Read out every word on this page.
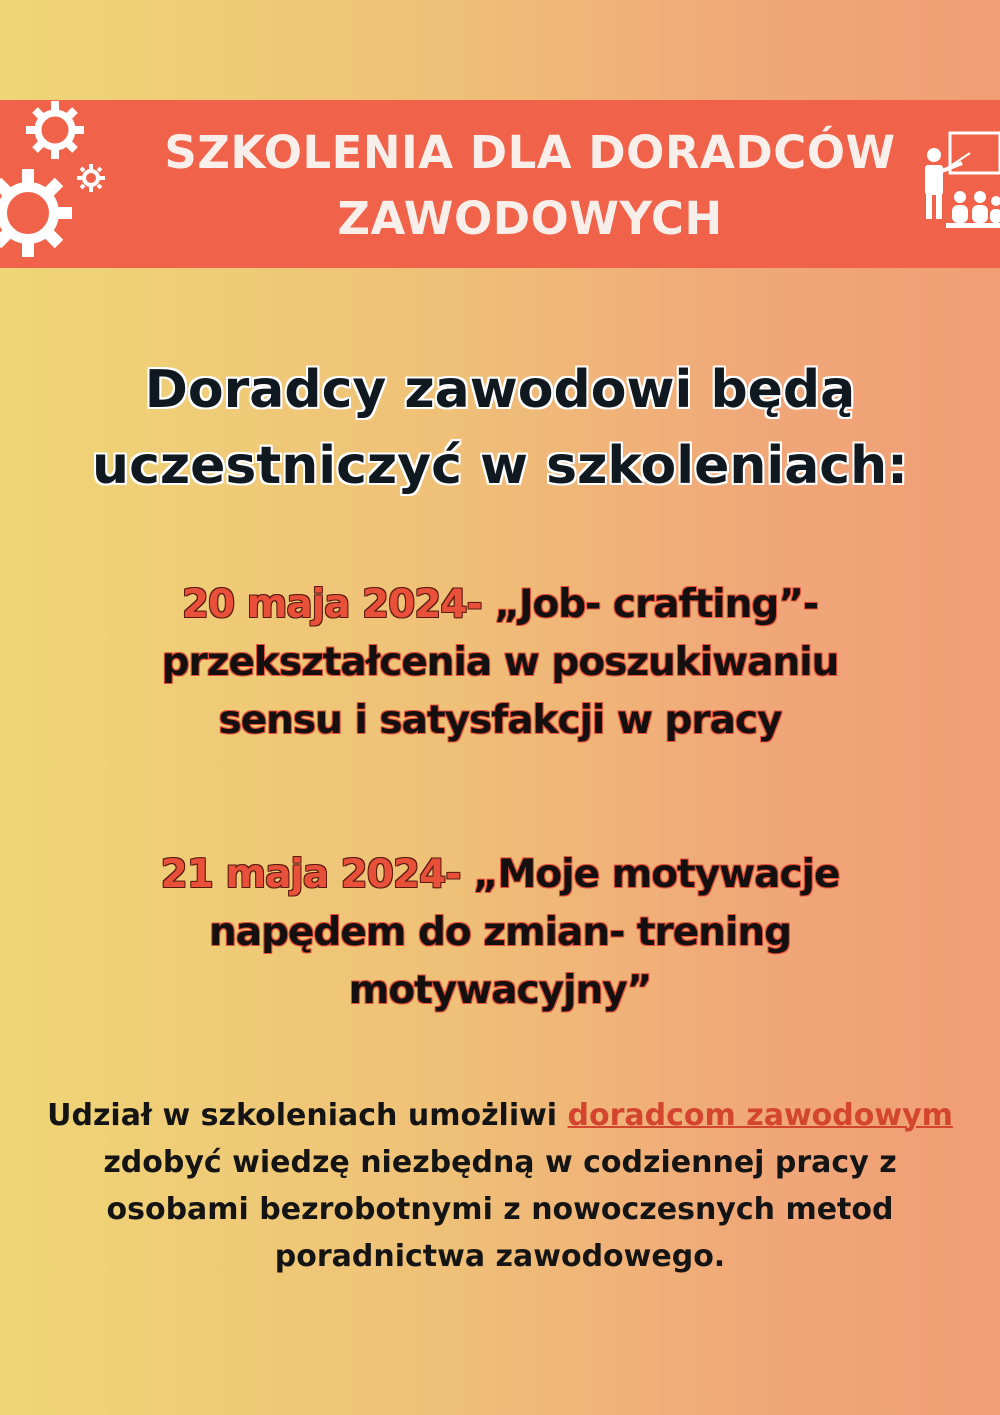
SZKOLENIA DLA DORADCÓW ZAWODOWYCH
Doradcy zawodowi będą uczestniczyć w szkoleniach:

20 maja 2024- „Job- crafting”- przekształcenia w poszukiwaniu sensu i satysfakcji w pracy

21 maja 2024- „Moje motywacje napędem do zmian- trening motywacyjny”

Udział w szkoleniach umożliwi doradcom zawodowym zdobyć wiedzę niezbędną w codziennej pracy z osobami bezrobotnymi z nowoczesnych metod poradnictwa zawodowego.
